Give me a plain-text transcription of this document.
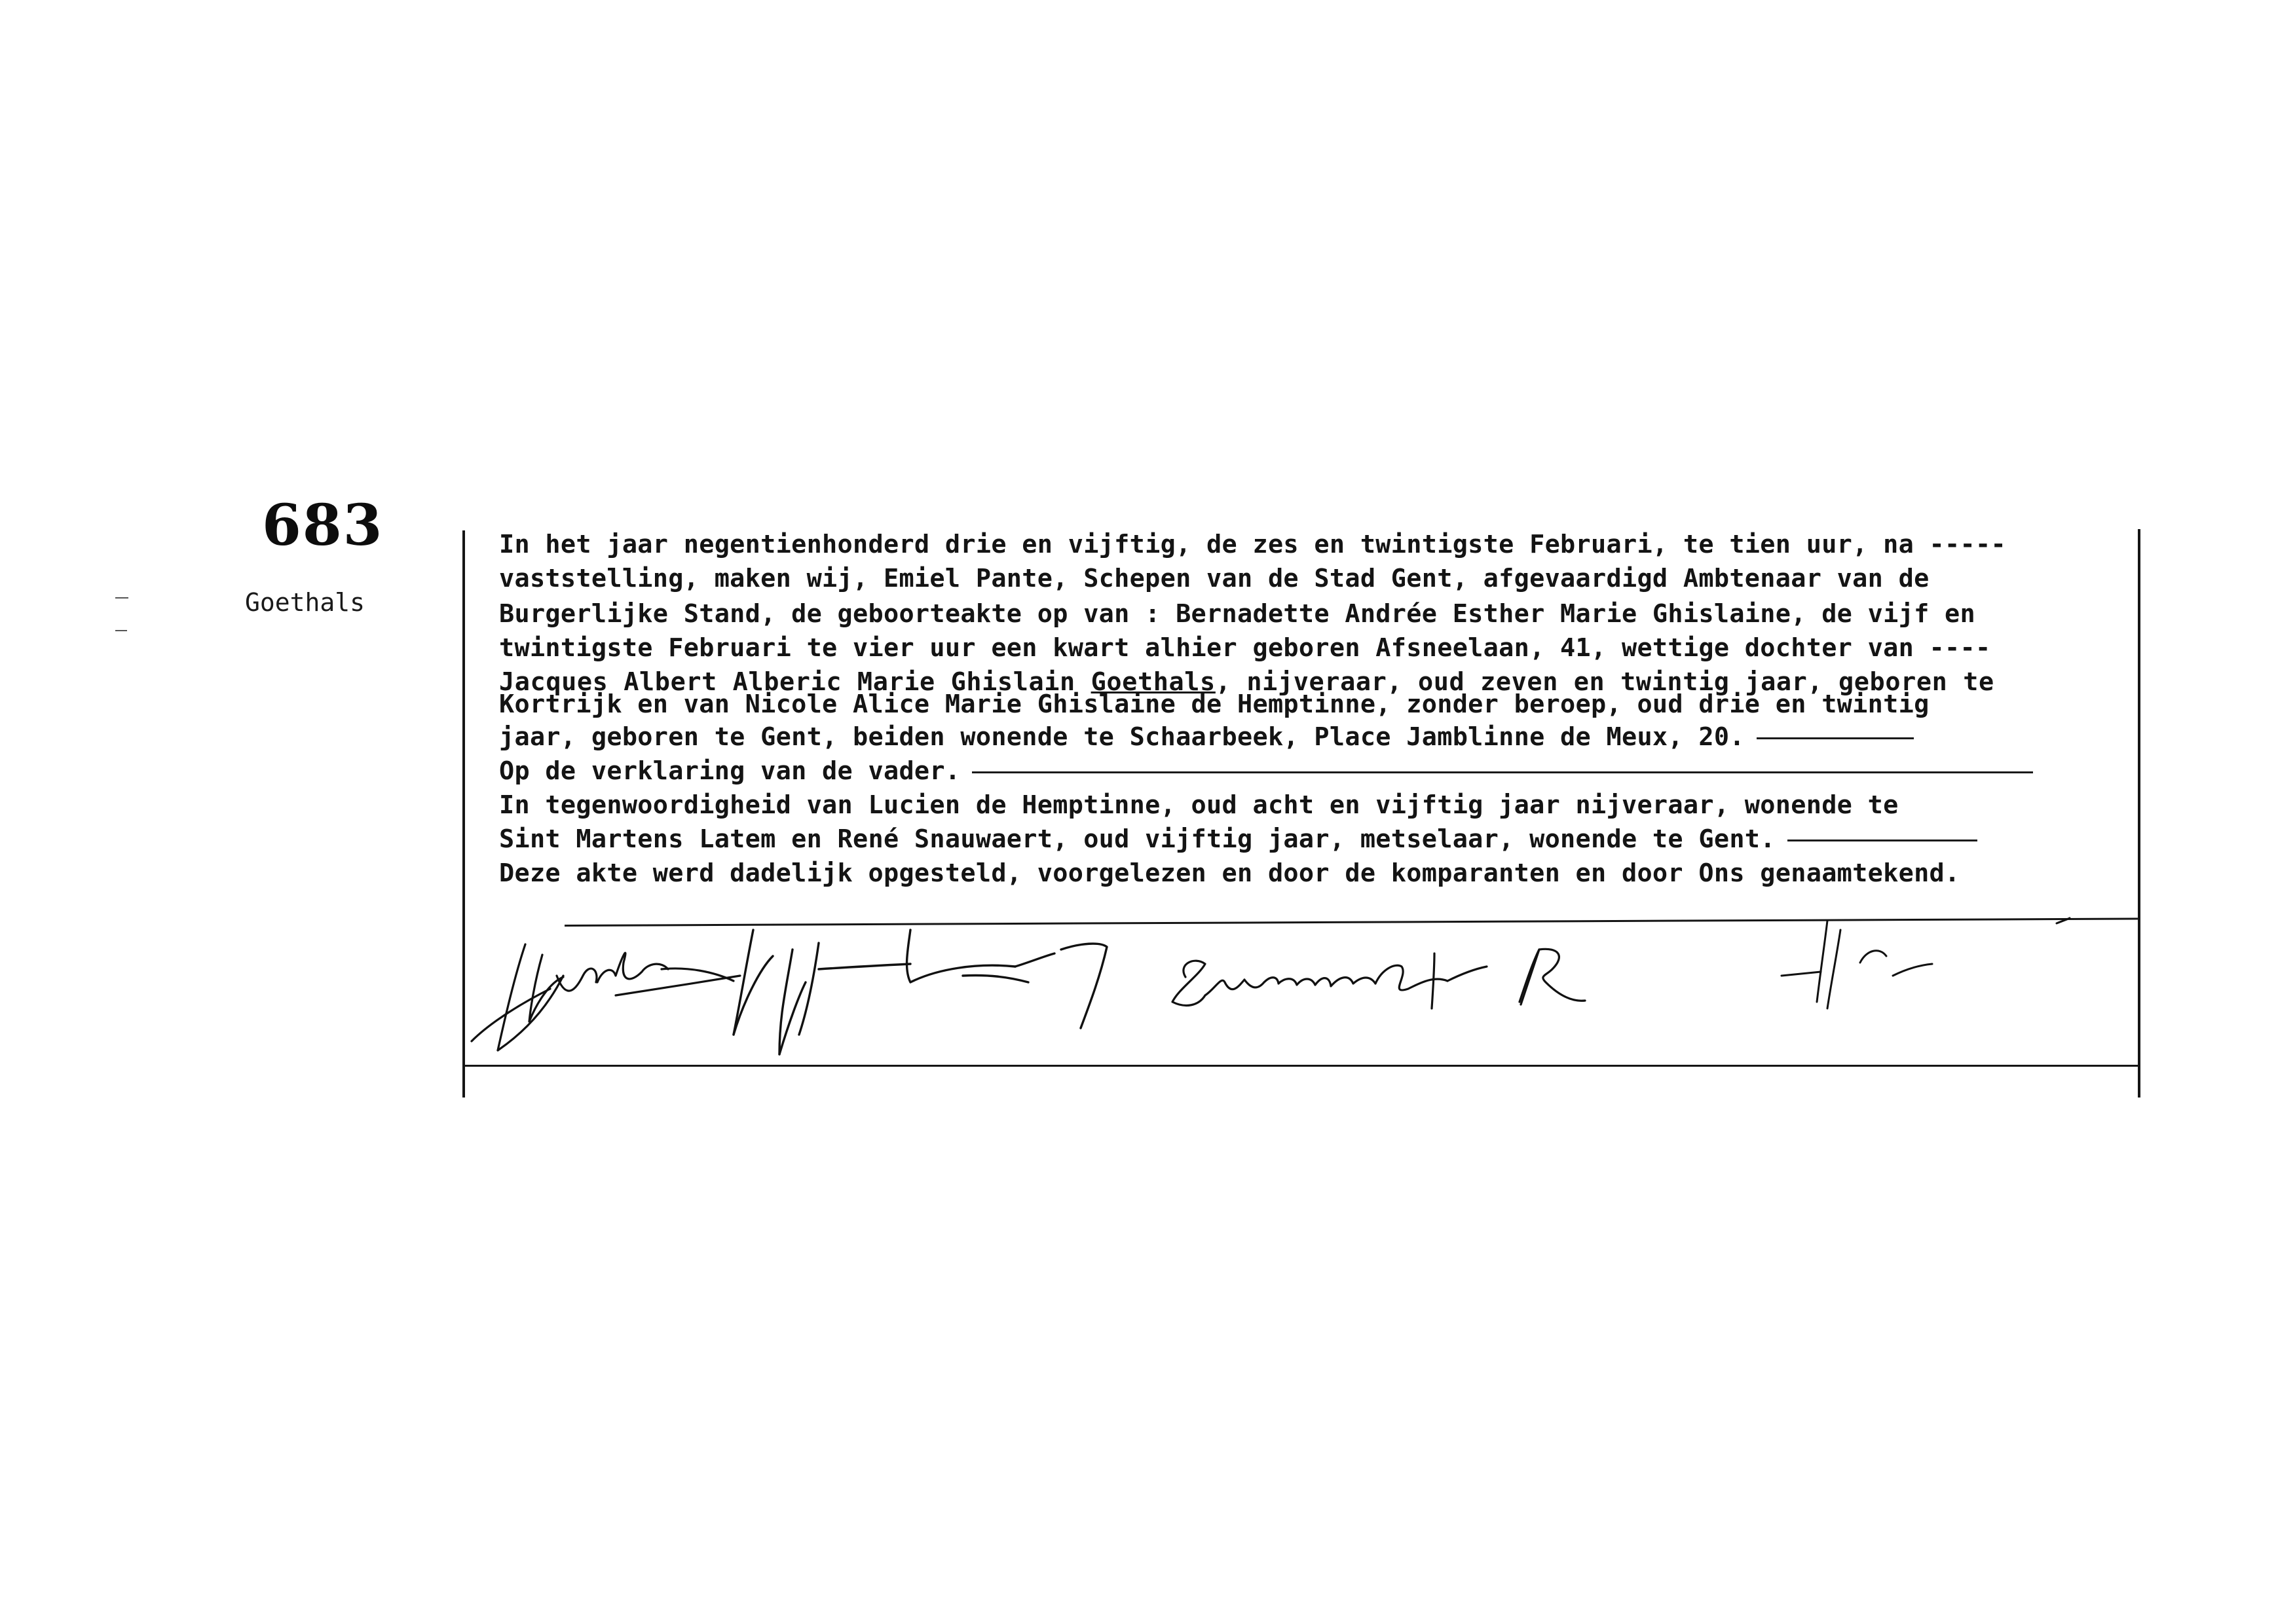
683
Goethals

In het jaar negentienhonderd drie en vijftig, de zes en twintigste Februari, te tien uur, na -----

vaststelling, maken wij, Emiel Pante, Schepen van de Stad Gent, afgevaardigd Ambtenaar van de

Burgerlijke Stand, de geboorteakte op van : Bernadette Andrée Esther Marie Ghislaine, de vijf en

twintigste Februari te vier uur een kwart alhier geboren Afsneelaan, 41, wettige dochter van ----

Jacques Albert Alberic Marie Ghislain Goethals, nijveraar, oud zeven en twintig jaar, geboren te

Kortrijk en van Nicole Alice Marie Ghislaine de Hemptinne, zonder beroep, oud drie en twintig

jaar, geboren te Gent, beiden wonende te Schaarbeek, Place Jamblinne de Meux, 20.

Op de verklaring van de vader.

In tegenwoordigheid van Lucien de Hemptinne, oud acht en vijftig jaar nijveraar, wonende te

Sint Martens Latem en René Snauwaert, oud vijftig jaar, metselaar, wonende te Gent.

Deze akte werd dadelijk opgesteld, voorgelezen en door de komparanten en door Ons genaamtekend.
